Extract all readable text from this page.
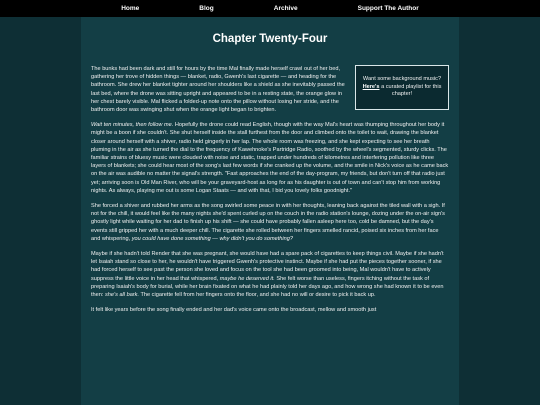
Home	Blog	Archive	Support The Author
Chapter Twenty-Four
Want some background music?
Here's a curated playlist for this chapter!

The bunks had been dark and still for hours by the time Mal finally made herself crawl out of her bed, gathering her trove of hidden things — blanket, radio, Gwenh's last cigarette — and heading for the bathroom. She drew her blanket tighter around her shoulders like a shield as she inevitably passed the last bed, where the drone was sitting upright and appeared to be in a resting state, the orange glow in her chest barely visible. Mal flicked a folded-up note onto the pillow without losing her stride, and the bathroom door was swinging shut when the orange light began to brighten.

Wait ten minutes, then follow me. Hopefully the drone could read English, though with the way Mal's heart was thumping throughout her body it might be a boon if she couldn't. She shut herself inside the stall furthest from the door and climbed onto the toilet to wait, drawing the blanket closer around herself with a shiver, radio held gingerly in her lap. The whole room was freezing, and she kept expecting to see her breath pluming in the air as she turned the dial to the frequency of Kawehnoke's Partridge Radio, soothed by the wheel's segmented, sturdy clicks. The familiar strains of bluesy music were clouded with noise and static, trapped under hundreds of kilometres and interfering pollution like three layers of blankets; she could hear most of the song's last few words if she cranked up the volume, and the smile in Nick's voice as he came back on the air was audible no matter the signal's strength. "Fast approaches the end of the day-program, my friends, but don't turn off that radio just yet; arriving soon is Old Man River, who will be your graveyard-host as long for as his daughter is out of town and can't stop him from working nights. As always, playing me out is some Logan Staats — and with that, I bid you lovely folks goodnight."

She forced a shiver and rubbed her arms as the song swirled some peace in with her thoughts, leaning back against the tiled wall with a sigh. If not for the chill, it would feel like the many nights she'd spent curled up on the couch in the radio station's lounge, dozing under the on-air sign's ghostly light while waiting for her dad to finish up his shift — she could have probably fallen asleep here too, cold be damned, but the day's events still gripped her with a much deeper chill. The cigarette she rolled between her fingers smelled rancid, poised six inches from her face and whispering, you could have done something — why didn't you do something?

Maybe if she hadn't told Render that she was pregnant, she would have had a spare pack of cigarettes to keep things civil. Maybe if she hadn't let Isaiah stand so close to her, he wouldn't have triggered Gwenh's protective instinct. Maybe if she had put the pieces together sooner, if she had forced herself to see past the person she loved and focus on the tool she had been groomed into being, Mal wouldn't have to actively suppress the little voice in her head that whispered, maybe he deserved it. She felt worse than useless, fingers itching without the task of preparing Isaiah's body for burial, while her brain fixated on what he had plainly told her days ago, and how wrong she had known it to be even then: she's all bark. The cigarette fell from her fingers onto the floor, and she had no will or desire to pick it back up.

It felt like years before the song finally ended and her dad's voice came onto the broadcast, mellow and smooth just
